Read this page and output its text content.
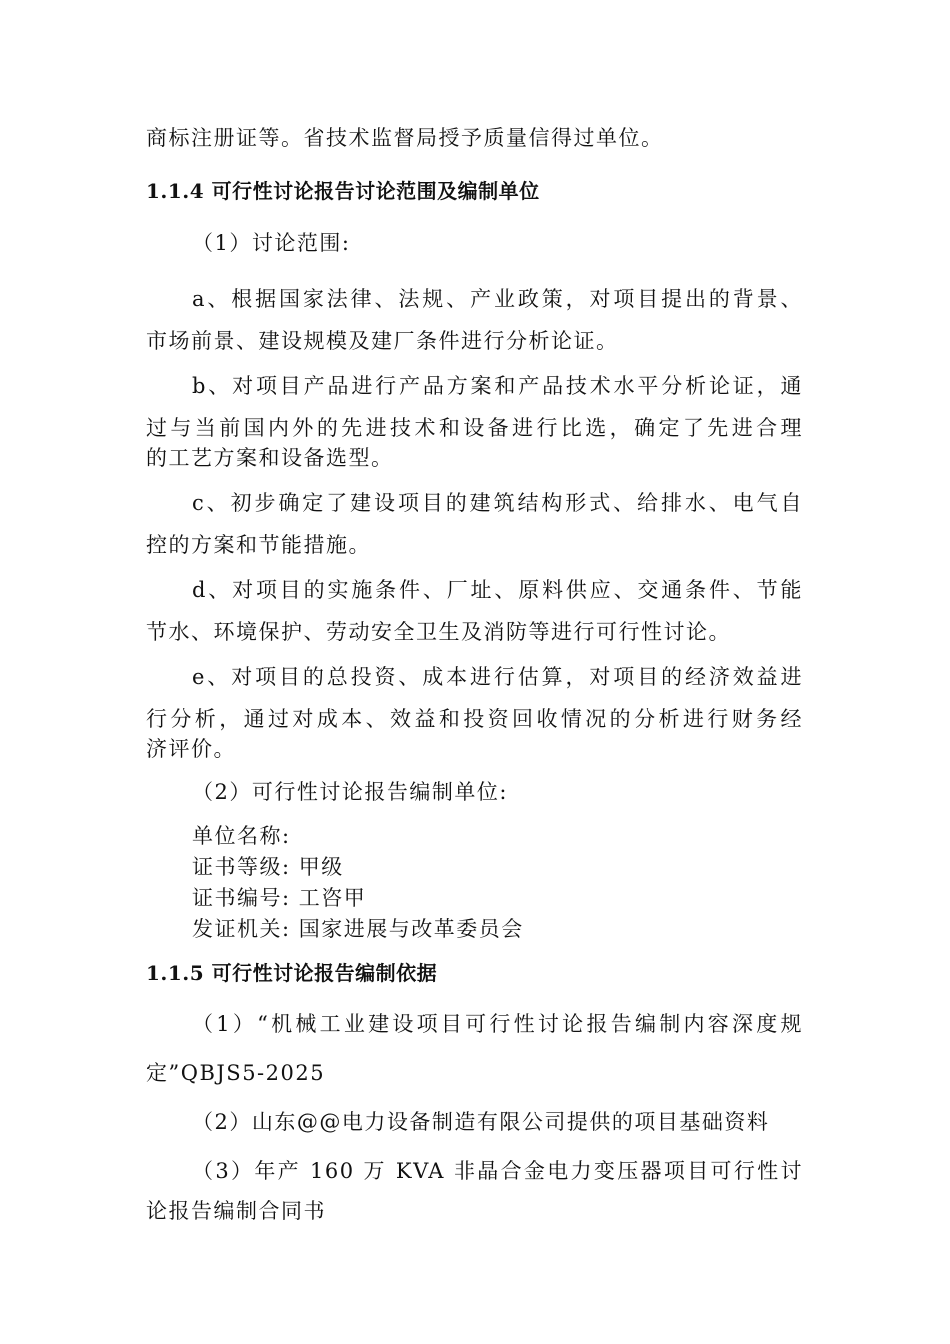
商标注册证等。省技术监督局授予质量信得过单位。

1.1.4 可行性讨论报告讨论范围及编制单位

（1）讨论范围:

a、根据国家法律、法规、产业政策，对项目提出的背景、

市场前景、建设规模及建厂条件进行分析论证。

b、对项目产品进行产品方案和产品技术水平分析论证，通

过与当前国内外的先进技术和设备进行比选，确定了先进合理

的工艺方案和设备选型。

c、初步确定了建设项目的建筑结构形式、给排水、电气自

控的方案和节能措施。

d、对项目的实施条件、厂址、原料供应、交通条件、节能

节水、环境保护、劳动安全卫生及消防等进行可行性讨论。

e、对项目的总投资、成本进行估算，对项目的经济效益进

行分析，通过对成本、效益和投资回收情况的分析进行财务经

济评价。

（2）可行性讨论报告编制单位:

单位名称:

证书等级: 甲级

证书编号: 工咨甲

发证机关: 国家进展与改革委员会

1.1.5 可行性讨论报告编制依据

（1）“机械工业建设项目可行性讨论报告编制内容深度规

定”QBJS5-2025

（2）山东@@电力设备制造有限公司提供的项目基础资料

（3）年产 160 万 KVA 非晶合金电力变压器项目可行性讨

论报告编制合同书
